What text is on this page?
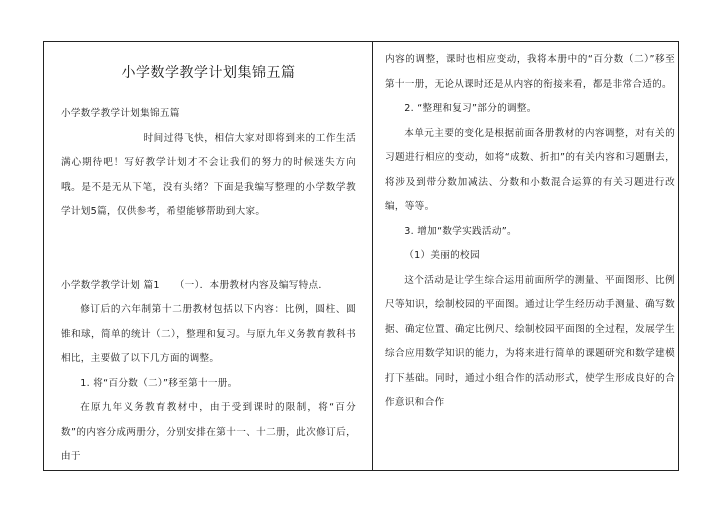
小学数学教学计划集锦五篇

小学数学教学计划集锦五篇

时间过得飞快，相信大家对即将到来的工作生活满心期待吧！写好教学计划才不会让我们的努力的时候迷失方向哦。是不是无从下笔，没有头绪？下面是我编写整理的小学数学教学计划5篇，仅供参考，希望能够帮助到大家。

小学数学教学计划 篇1　　（一）．本册教材内容及编写特点．

修订后的六年制第十二册教材包括以下内容：比例，圆柱、圆锥和球，简单的统计（二），整理和复习。与原九年义务教育教科书相比，主要做了以下几方面的调整。

1. 将“百分数（二）”移至第十一册。

在原九年义务教育教材中，由于受到课时的限制，将“百分数”的内容分成两册分，分别安排在第十一、十二册，此次修订后，由于

内容的调整，课时也相应变动，我将本册中的“百分数（二）”移至第十一册，无论从课时还是从内容的衔接来看，都是非常合适的。

2. “整理和复习”部分的调整。

本单元主要的变化是根据前面各册教材的内容调整，对有关的习题进行相应的变动，如将“成数、折扣”的有关内容和习题删去，将涉及到带分数加减法、分数和小数混合运算的有关习题进行改编，等等。

3. 增加“数学实践活动”。

（1）美丽的校园

这个活动是让学生综合运用前面所学的测量、平面图形、比例尺等知识，绘制校园的平面图。通过让学生经历动手测量、确写数据、确定位置、确定比例尺、绘制校园平面图的全过程，发展学生综合应用数学知识的能力，为将来进行简单的课题研究和数学建模打下基础。同时，通过小组合作的活动形式，使学生形成良好的合作意识和合作
